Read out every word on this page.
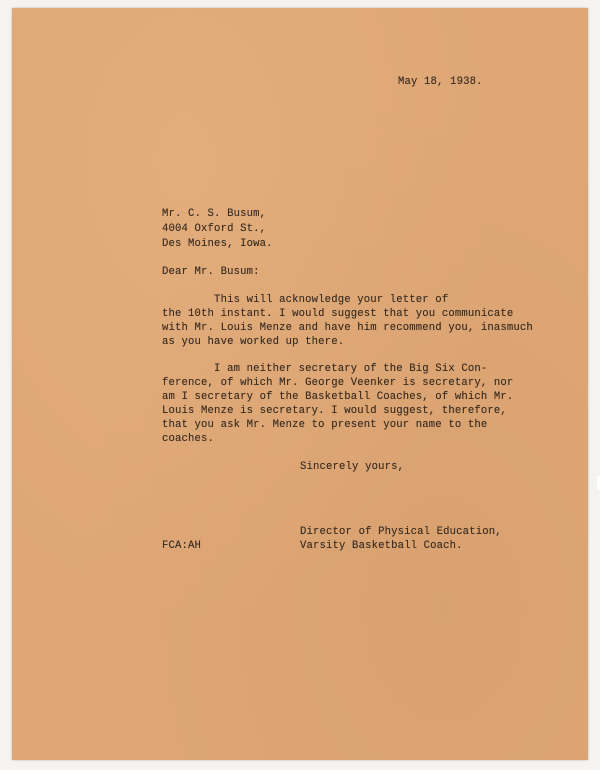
May 18, 1938.

Mr. C. S. Busum,

4004 Oxford St.,

Des Moines, Iowa.

Dear Mr. Busum:

This will acknowledge your letter of

the 10th instant. I would suggest that you communicate

with Mr. Louis Menze and have him recommend you, inasmuch

as you have worked up there.

I am neither secretary of the Big Six Con-

ference, of which Mr. George Veenker is secretary, nor

am I secretary of the Basketball Coaches, of which Mr.

Louis Menze is secretary. I would suggest, therefore,

that you ask Mr. Menze to present your name to the

coaches.

Sincerely yours,

Director of Physical Education,

Varsity Basketball Coach.

FCA:AH
